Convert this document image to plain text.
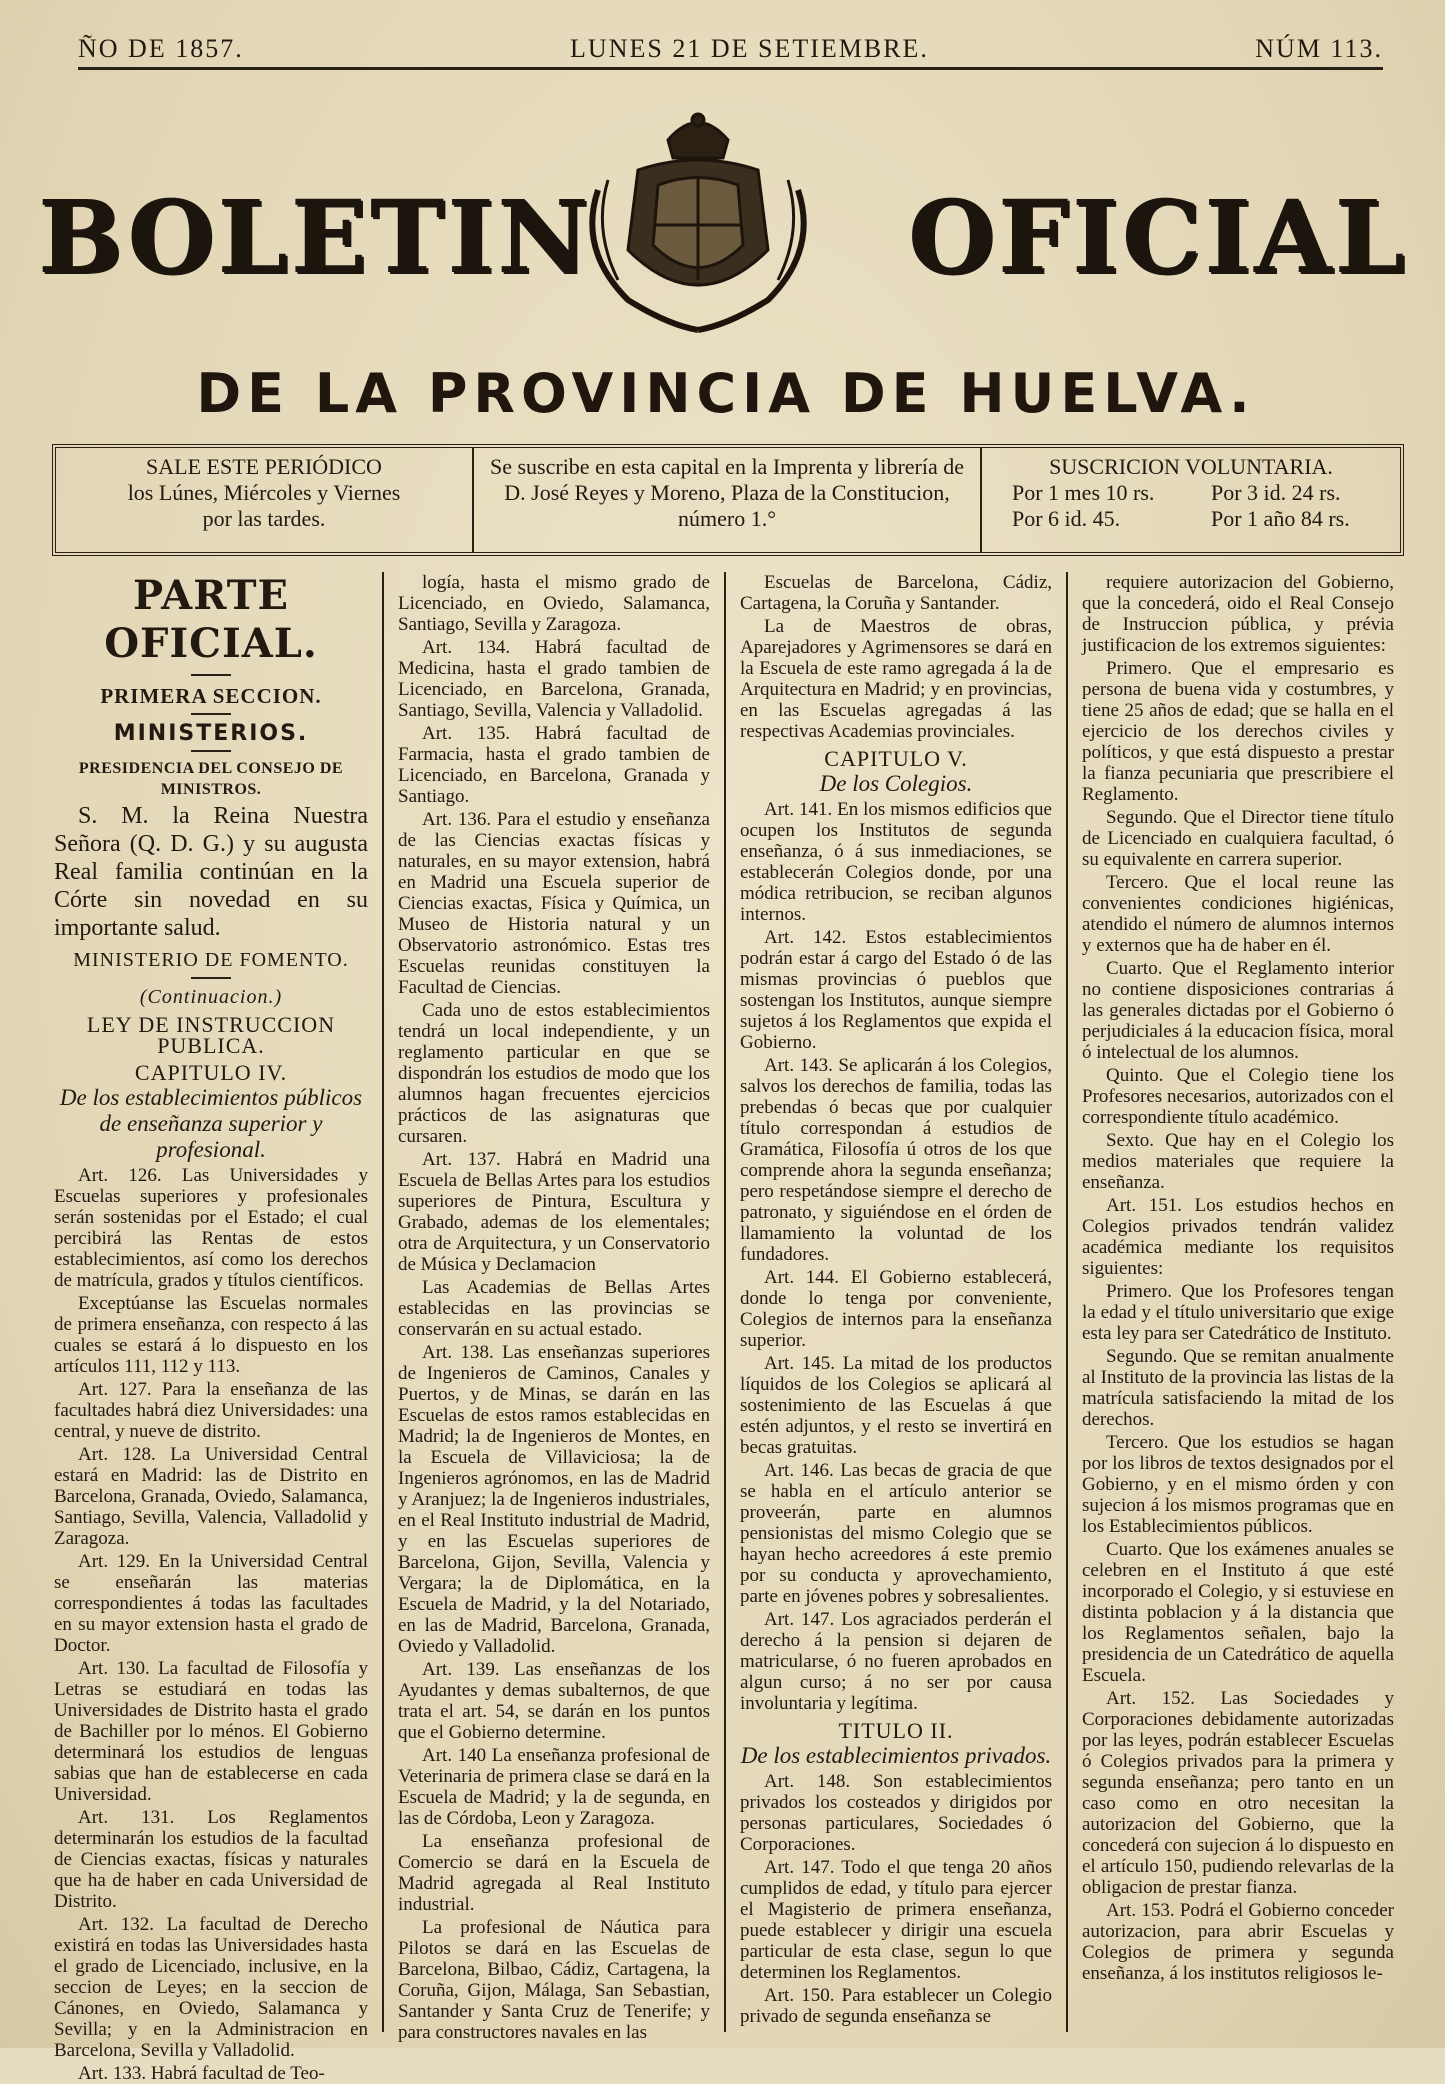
ÑO DE 1857.	LUNES 21 DE SETIEMBRE.	NÚM 113.
BOLETIN	OFICIAL
DE LA PROVINCIA DE HUELVA.
SALE ESTE PERIÓDICO
los Lúnes, Miércoles y Viernes
por las tardes.
Se suscribe en esta capital en la Imprenta y librería de D. José Reyes y Moreno, Plaza de la Constitucion, número 1.°
SUSCRICION VOLUNTARIA.
Por 1 mes 10 rs.	Por 3 id. 24 rs.
Por 6 id. 45.	Por 1 año 84 rs.
PARTE OFICIAL.

PRIMERA SECCION.

MINISTERIOS.

PRESIDENCIA DEL CONSEJO DE MINISTROS.

S. M. la Reina Nuestra Señora (Q. D. G.) y su augusta Real familia continúan en la Córte sin novedad en su importante salud.

MINISTERIO DE FOMENTO.

(Continuacion.)

LEY DE INSTRUCCION PUBLICA.

CAPITULO IV.

De los establecimientos públicos de enseñanza superior y profesional.

Art. 126. Las Universidades y Escuelas superiores y profesionales serán sostenidas por el Estado; el cual percibirá las Rentas de estos establecimientos, así como los derechos de matrícula, grados y títulos científicos.

Exceptúanse las Escuelas normales de primera enseñanza, con respecto á las cuales se estará á lo dispuesto en los artículos 111, 112 y 113.

Art. 127. Para la enseñanza de las facultades habrá diez Universidades: una central, y nueve de distrito.

Art. 128. La Universidad Central estará en Madrid: las de Distrito en Barcelona, Granada, Oviedo, Salamanca, Santiago, Sevilla, Valencia, Valladolid y Zaragoza.

Art. 129. En la Universidad Central se enseñarán las materias correspondientes á todas las facultades en su mayor extension hasta el grado de Doctor.

Art. 130. La facultad de Filosofía y Letras se estudiará en todas las Universidades de Distrito hasta el grado de Bachiller por lo ménos. El Gobierno determinará los estudios de lenguas sabias que han de establecerse en cada Universidad.

Art. 131. Los Reglamentos determinarán los estudios de la facultad de Ciencias exactas, físicas y naturales que ha de haber en cada Universidad de Distrito.

Art. 132. La facultad de Derecho existirá en todas las Universidades hasta el grado de Licenciado, inclusive, en la seccion de Leyes; en la seccion de Cánones, en Oviedo, Salamanca y Sevilla; y en la Administracion en Barcelona, Sevilla y Valladolid.

Art. 133. Habrá facultad de Teo-

logía, hasta el mismo grado de Licenciado, en Oviedo, Salamanca, Santiago, Sevilla y Zaragoza.

Art. 134. Habrá facultad de Medicina, hasta el grado tambien de Licenciado, en Barcelona, Granada, Santiago, Sevilla, Valencia y Valladolid.

Art. 135. Habrá facultad de Farmacia, hasta el grado tambien de Licenciado, en Barcelona, Granada y Santiago.

Art. 136. Para el estudio y enseñanza de las Ciencias exactas físicas y naturales, en su mayor extension, habrá en Madrid una Escuela superior de Ciencias exactas, Física y Química, un Museo de Historia natural y un Observatorio astronómico. Estas tres Escuelas reunidas constituyen la Facultad de Ciencias.

Cada uno de estos establecimientos tendrá un local independiente, y un reglamento particular en que se dispondrán los estudios de modo que los alumnos hagan frecuentes ejercicios prácticos de las asignaturas que cursaren.

Art. 137. Habrá en Madrid una Escuela de Bellas Artes para los estudios superiores de Pintura, Escultura y Grabado, ademas de los elementales; otra de Arquitectura, y un Conservatorio de Música y Declamacion

Las Academias de Bellas Artes establecidas en las provincias se conservarán en su actual estado.

Art. 138. Las enseñanzas superiores de Ingenieros de Caminos, Canales y Puertos, y de Minas, se darán en las Escuelas de estos ramos establecidas en Madrid; la de Ingenieros de Montes, en la Escuela de Villaviciosa; la de Ingenieros agrónomos, en las de Madrid y Aranjuez; la de Ingenieros industriales, en el Real Instituto industrial de Madrid, y en las Escuelas superiores de Barcelona, Gijon, Sevilla, Valencia y Vergara; la de Diplomática, en la Escuela de Madrid, y la del Notariado, en las de Madrid, Barcelona, Granada, Oviedo y Valladolid.

Art. 139. Las enseñanzas de los Ayudantes y demas subalternos, de que trata el art. 54, se darán en los puntos que el Gobierno determine.

Art. 140 La enseñanza profesional de Veterinaria de primera clase se dará en la Escuela de Madrid; y la de segunda, en las de Córdoba, Leon y Zaragoza.

La enseñanza profesional de Comercio se dará en la Escuela de Madrid agregada al Real Instituto industrial.

La profesional de Náutica para Pilotos se dará en las Escuelas de Barcelona, Bilbao, Cádiz, Cartagena, la Coruña, Gijon, Málaga, San Sebastian, Santander y Santa Cruz de Tenerife; y para constructores navales en las

Escuelas de Barcelona, Cádiz, Cartagena, la Coruña y Santander.

La de Maestros de obras, Aparejadores y Agrimensores se dará en la Escuela de este ramo agregada á la de Arquitectura en Madrid; y en provincias, en las Escuelas agregadas á las respectivas Academias provinciales.

CAPITULO V.

De los Colegios.

Art. 141. En los mismos edificios que ocupen los Institutos de segunda enseñanza, ó á sus inmediaciones, se establecerán Colegios donde, por una módica retribucion, se reciban algunos internos.

Art. 142. Estos establecimientos podrán estar á cargo del Estado ó de las mismas provincias ó pueblos que sostengan los Institutos, aunque siempre sujetos á los Reglamentos que expida el Gobierno.

Art. 143. Se aplicarán á los Colegios, salvos los derechos de familia, todas las prebendas ó becas que por cualquier título correspondan á estudios de Gramática, Filosofía ú otros de los que comprende ahora la segunda enseñanza; pero respetándose siempre el derecho de patronato, y siguiéndose en el órden de llamamiento la voluntad de los fundadores.

Art. 144. El Gobierno establecerá, donde lo tenga por conveniente, Colegios de internos para la enseñanza superior.

Art. 145. La mitad de los productos líquidos de los Colegios se aplicará al sostenimiento de las Escuelas á que estén adjuntos, y el resto se invertirá en becas gratuitas.

Art. 146. Las becas de gracia de que se habla en el artículo anterior se proveerán, parte en alumnos pensionistas del mismo Colegio que se hayan hecho acreedores á este premio por su conducta y aprovechamiento, parte en jóvenes pobres y sobresalientes.

Art. 147. Los agraciados perderán el derecho á la pension si dejaren de matricularse, ó no fueren aprobados en algun curso; á no ser por causa involuntaria y legítima.

TITULO II.

De los establecimientos privados.

Art. 148. Son establecimientos privados los costeados y dirigidos por personas particulares, Sociedades ó Corporaciones.

Art. 147. Todo el que tenga 20 años cumplidos de edad, y título para ejercer el Magisterio de primera enseñanza, puede establecer y dirigir una escuela particular de esta clase, segun lo que determinen los Reglamentos.

Art. 150. Para establecer un Colegio privado de segunda enseñanza se

requiere autorizacion del Gobierno, que la concederá, oido el Real Consejo de Instruccion pública, y prévia justificacion de los extremos siguientes:

Primero. Que el empresario es persona de buena vida y costumbres, y tiene 25 años de edad; que se halla en el ejercicio de los derechos civiles y políticos, y que está dispuesto a prestar la fianza pecuniaria que prescribiere el Reglamento.

Segundo. Que el Director tiene título de Licenciado en cualquiera facultad, ó su equivalente en carrera superior.

Tercero. Que el local reune las convenientes condiciones higiénicas, atendido el número de alumnos internos y externos que ha de haber en él.

Cuarto. Que el Reglamento interior no contiene disposiciones contrarias á las generales dictadas por el Gobierno ó perjudiciales á la educacion física, moral ó intelectual de los alumnos.

Quinto. Que el Colegio tiene los Profesores necesarios, autorizados con el correspondiente título académico.

Sexto. Que hay en el Colegio los medios materiales que requiere la enseñanza.

Art. 151. Los estudios hechos en Colegios privados tendrán validez académica mediante los requisitos siguientes:

Primero. Que los Profesores tengan la edad y el título universitario que exige esta ley para ser Catedrático de Instituto.

Segundo. Que se remitan anualmente al Instituto de la provincia las listas de la matrícula satisfaciendo la mitad de los derechos.

Tercero. Que los estudios se hagan por los libros de textos designados por el Gobierno, y en el mismo órden y con sujecion á los mismos programas que en los Establecimientos públicos.

Cuarto. Que los exámenes anuales se celebren en el Instituto á que esté incorporado el Colegio, y si estuviese en distinta poblacion y á la distancia que los Reglamentos señalen, bajo la presidencia de un Catedrático de aquella Escuela.

Art. 152. Las Sociedades y Corporaciones debidamente autorizadas por las leyes, podrán establecer Escuelas ó Colegios privados para la primera y segunda enseñanza; pero tanto en un caso como en otro necesitan la autorizacion del Gobierno, que la concederá con sujecion á lo dispuesto en el artículo 150, pudiendo relevarlas de la obligacion de prestar fianza.

Art. 153. Podrá el Gobierno conceder autorizacion, para abrir Escuelas y Colegios de primera y segunda enseñanza, á los institutos religiosos le-
